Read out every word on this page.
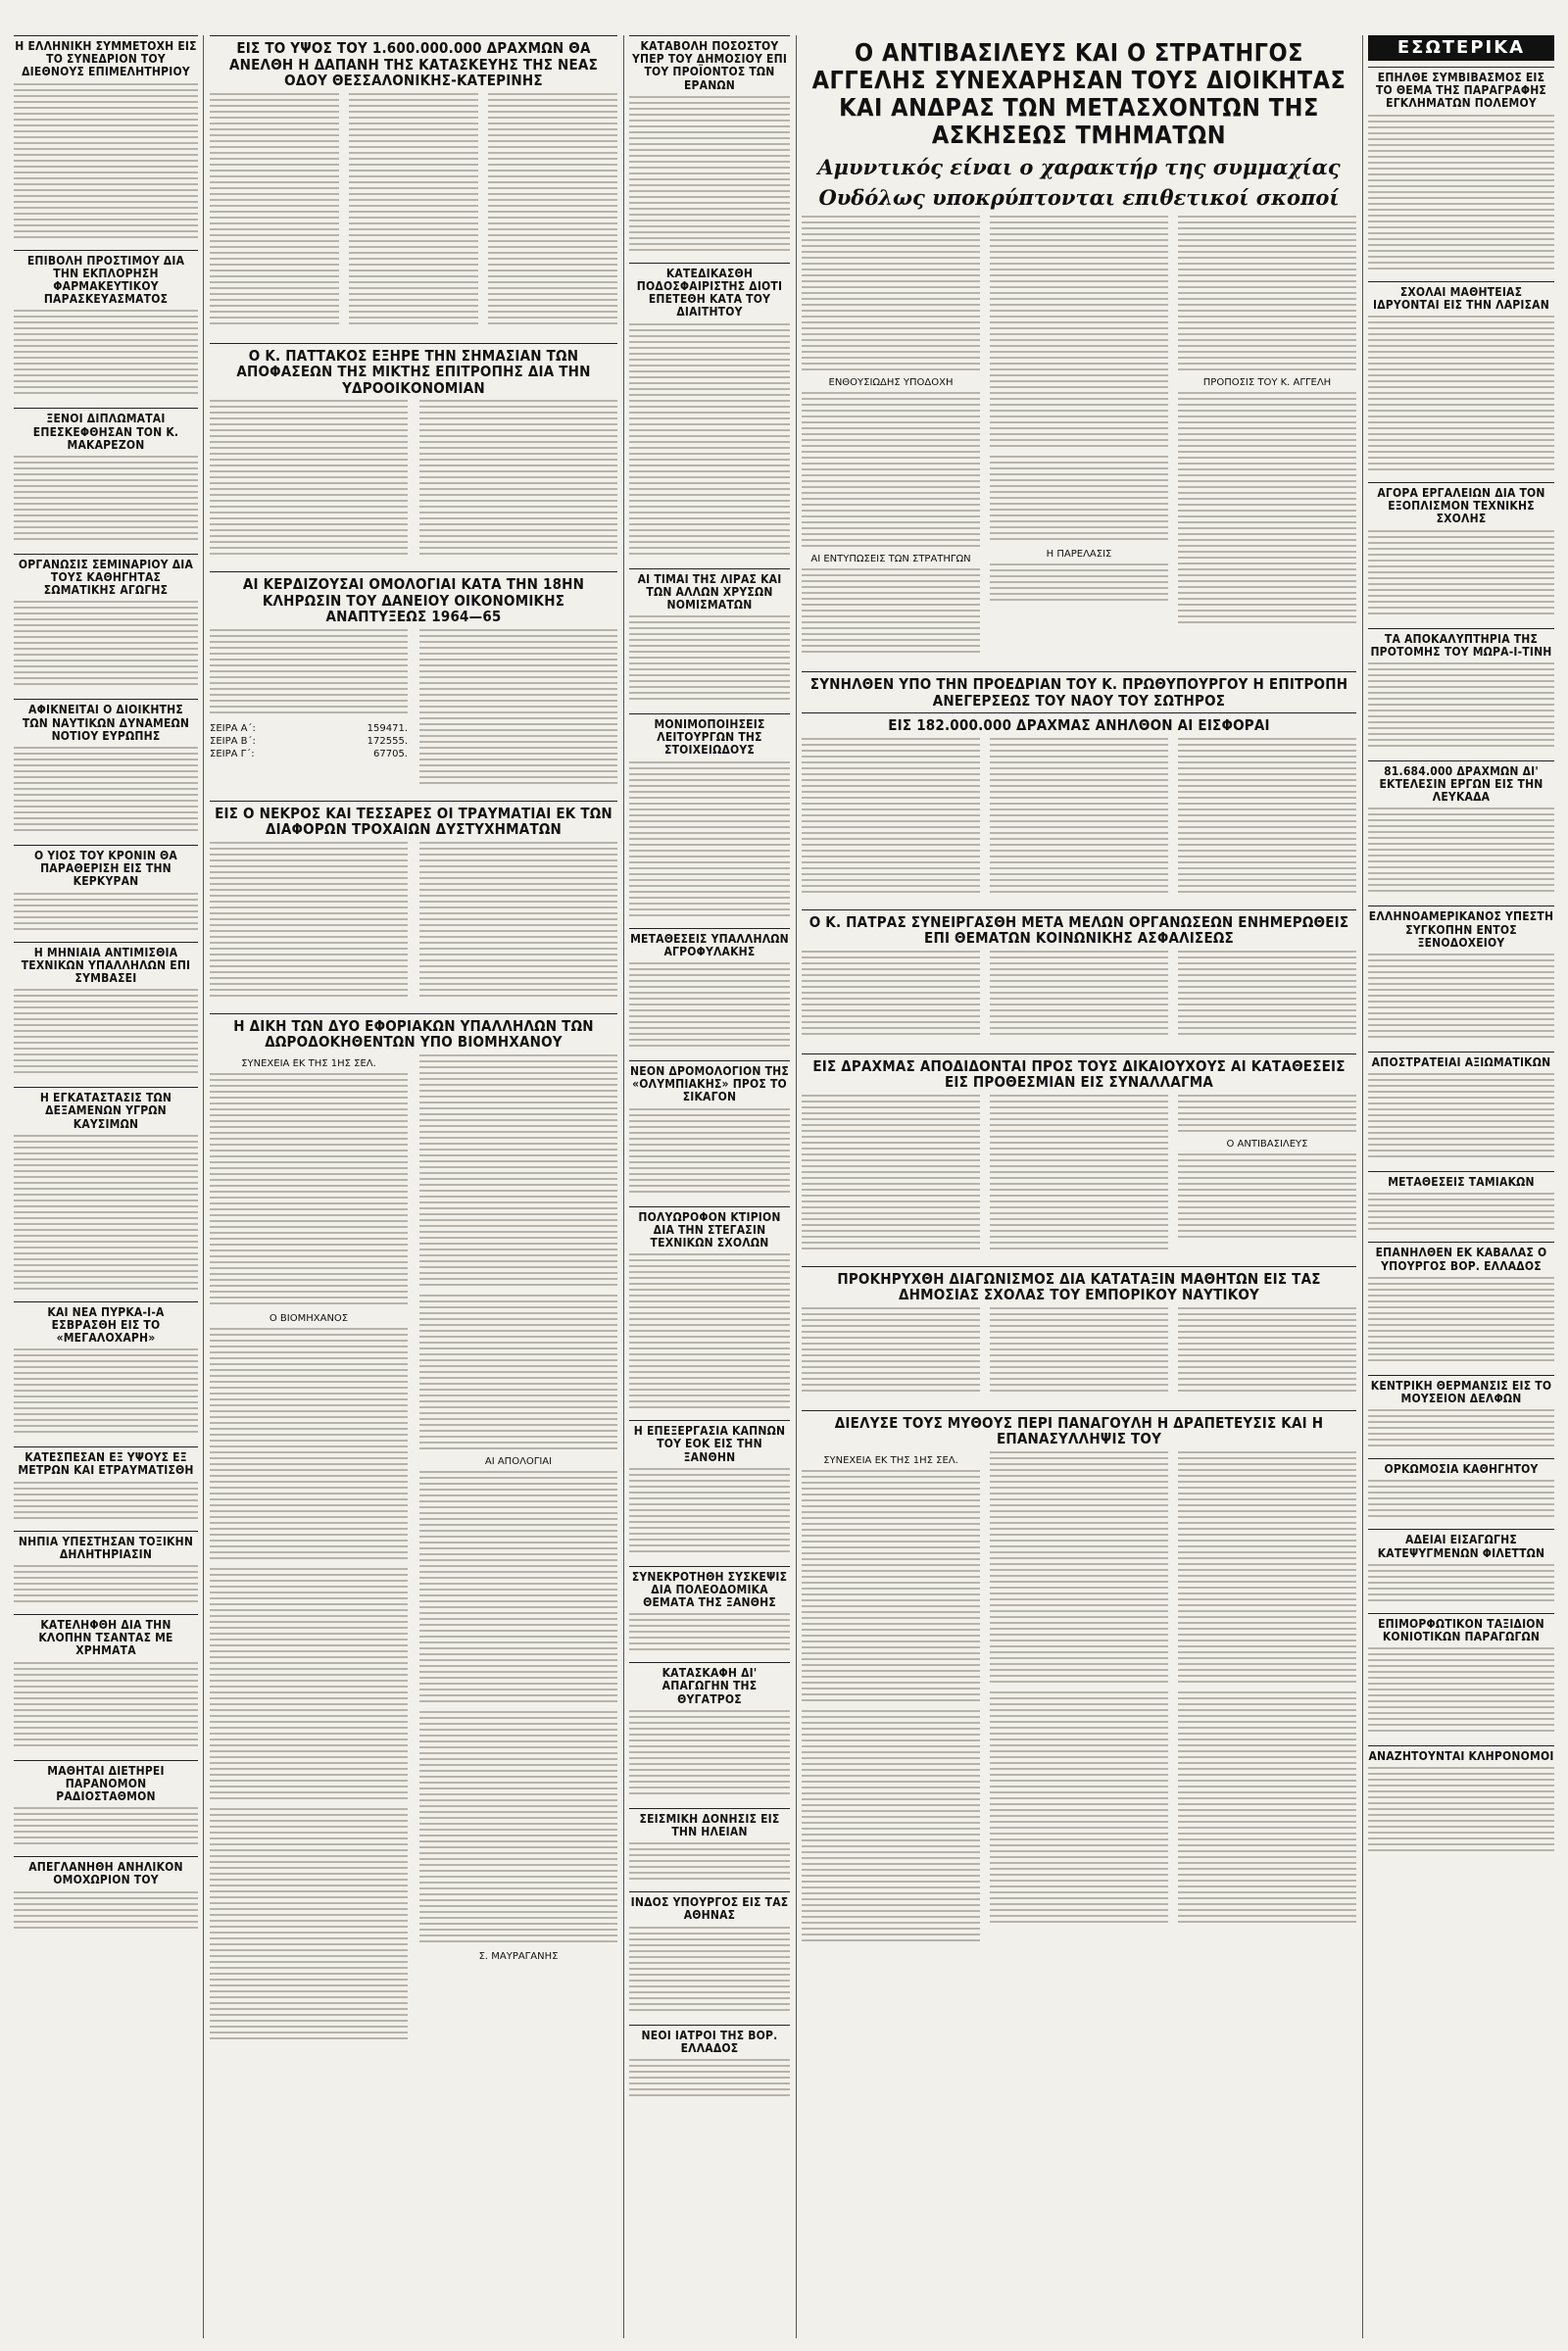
Η ΕΛΛΗΝΙΚΗ ΣΥΜΜΕΤΟΧΗ ΕΙΣ ΤΟ ΣΥΝΕΔΡΙΟΝ ΤΟΥ ΔΙΕΘΝΟΥΣ ΕΠΙΜΕΛΗΤΗΡΙΟΥ
ΕΠΙΒΟΛΗ ΠΡΟΣΤΙΜΟΥ ΔΙΑ ΤΗΝ ΕΚΠΛΟΡΗΣΗ ΦΑΡΜΑΚΕΥΤΙΚΟΥ ΠΑΡΑΣΚΕΥΑΣΜΑΤΟΣ
ΞΕΝΟΙ ΔΙΠΛΩΜΑΤΑΙ ΕΠΕΣΚΕΦΘΗΣΑΝ ΤΟΝ Κ. ΜΑΚΑΡΕΖΟΝ
ΟΡΓΑΝΩΣΙΣ ΣΕΜΙΝΑΡΙΟΥ ΔΙΑ ΤΟΥΣ ΚΑΘΗΓΗΤΑΣ ΣΩΜΑΤΙΚΗΣ ΑΓΩΓΗΣ
ΑΦΙΚΝΕΙΤΑΙ Ο ΔΙΟΙΚΗΤΗΣ ΤΩΝ ΝΑΥΤΙΚΩΝ ΔΥΝΑΜΕΩΝ ΝΟΤΙΟΥ ΕΥΡΩΠΗΣ
Ο ΥΙΟΣ ΤΟΥ ΚΡΟΝΙΝ ΘΑ ΠΑΡΑΘΕΡΙΣΗ ΕΙΣ ΤΗΝ ΚΕΡΚΥΡΑΝ
Η ΜΗΝΙΑΙΑ ΑΝΤΙΜΙΣΘΙΑ ΤΕΧΝΙΚΩΝ ΥΠΑΛΛΗΛΩΝ ΕΠΙ ΣΥΜΒΑΣΕΙ
Η ΕΓΚΑΤΑΣΤΑΣΙΣ ΤΩΝ ΔΕΞΑΜΕΝΩΝ ΥΓΡΩΝ ΚΑΥΣΙΜΩΝ
ΚΑΙ ΝΕΑ ΠΥΡΚΑ-Ι-Α ΕΣΒΡΑΣΘΗ ΕΙΣ ΤΟ «ΜΕΓΑΛΟΧΑΡΗ»
ΚΑΤΕΣΠΕΣΑΝ ΕΞ ΥΨΟΥΣ ΕΞ ΜΕΤΡΩΝ ΚΑΙ ΕΤΡΑΥΜΑΤΙΣΘΗ
ΝΗΠΙΑ ΥΠΕΣΤΗΣΑΝ ΤΟΞΙΚΗΝ ΔΗΛΗΤΗΡΙΑΣΙΝ
ΚΑΤΕΛΗΦΘΗ ΔΙΑ ΤΗΝ ΚΛΟΠΗΝ ΤΣΑΝΤΑΣ ΜΕ ΧΡΗΜΑΤΑ
ΜΑΘΗΤΑΙ ΔΙΕΤΗΡΕΙ ΠΑΡΑΝΟΜΟΝ ΡΑΔΙΟΣΤΑΘΜΟΝ
ΑΠΕΓΛΑΝΗΘΗ ΑΝΗΛΙΚΟΝ ΟΜΟΧΩΡΙΟΝ ΤΟΥ
ΕΙΣ ΤΟ ΥΨΟΣ ΤΟΥ 1.600.000.000 ΔΡΑΧΜΩΝ ΘΑ ΑΝΕΛΘΗ Η ΔΑΠΑΝΗ ΤΗΣ ΚΑΤΑΣΚΕΥΗΣ ΤΗΣ ΝΕΑΣ ΟΔΟΥ ΘΕΣΣΑΛΟΝΙΚΗΣ-ΚΑΤΕΡΙΝΗΣ
Ο Κ. ΠΑΤΤΑΚΟΣ ΕΞΗΡΕ ΤΗΝ ΣΗΜΑΣΙΑΝ ΤΩΝ ΑΠΟΦΑΣΕΩΝ ΤΗΣ ΜΙΚΤΗΣ ΕΠΙΤΡΟΠΗΣ ΔΙΑ ΤΗΝ ΥΔΡΟΟΙΚΟΝΟΜΙΑΝ
ΑΙ ΚΕΡΔΙΖΟΥΣΑΙ ΟΜΟΛΟΓΙΑΙ ΚΑΤΑ ΤΗΝ 18ΗΝ ΚΛΗΡΩΣΙΝ ΤΟΥ ΔΑΝΕΙΟΥ ΟΙΚΟΝΟΜΙΚΗΣ ΑΝΑΠΤΥΞΕΩΣ 1964—65
ΣΕΙΡΑ Α΄:	159471.
ΣΕΙΡΑ Β΄:	172555.
ΣΕΙΡΑ Γ΄:	67705.
ΕΙΣ Ο ΝΕΚΡΟΣ ΚΑΙ ΤΕΣΣΑΡΕΣ ΟΙ ΤΡΑΥΜΑΤΙΑΙ ΕΚ ΤΩΝ ΔΙΑΦΟΡΩΝ ΤΡΟΧΑΙΩΝ ΔΥΣΤΥΧΗΜΑΤΩΝ
Η ΔΙΚΗ ΤΩΝ ΔΥΟ ΕΦΟΡΙΑΚΩΝ ΥΠΑΛΛΗΛΩΝ ΤΩΝ ΔΩΡΟΔΟΚΗΘΕΝΤΩΝ ΥΠΟ ΒΙΟΜΗΧΑΝΟΥ
ΣΥΝΕΧΕΙΑ ΕΚ ΤΗΣ 1ΗΣ ΣΕΛ.
Ο ΒΙΟΜΗΧΑΝΟΣ
ΑΙ ΑΠΟΛΟΓΙΑΙ
Σ. ΜΑΥΡΑΓΑΝΗΣ
ΚΑΤΑΒΟΛΗ ΠΟΣΟΣΤΟΥ ΥΠΕΡ ΤΟΥ ΔΗΜΟΣΙΟΥ ΕΠΙ ΤΟΥ ΠΡΟΪΟΝΤΟΣ ΤΩΝ ΕΡΑΝΩΝ
ΚΑΤΕΔΙΚΑΣΘΗ ΠΟΔΟΣΦΑΙΡΙΣΤΗΣ ΔΙΟΤΙ ΕΠΕΤΕΘΗ ΚΑΤΑ ΤΟΥ ΔΙΑΙΤΗΤΟΥ
ΑΙ ΤΙΜΑΙ ΤΗΣ ΛΙΡΑΣ ΚΑΙ ΤΩΝ ΑΛΛΩΝ ΧΡΥΣΩΝ ΝΟΜΙΣΜΑΤΩΝ
ΜΟΝΙΜΟΠΟΙΗΣΕΙΣ ΛΕΙΤΟΥΡΓΩΝ ΤΗΣ ΣΤΟΙΧΕΙΩΔΟΥΣ
ΜΕΤΑΘΕΣΕΙΣ ΥΠΑΛΛΗΛΩΝ ΑΓΡΟΦΥΛΑΚΗΣ
ΝΕΟΝ ΔΡΟΜΟΛΟΓΙΟΝ ΤΗΣ «ΟΛΥΜΠΙΑΚΗΣ» ΠΡΟΣ ΤΟ ΣΙΚΑΓΟΝ
ΠΟΛΥΩΡΟΦΟΝ ΚΤΙΡΙΟΝ ΔΙΑ ΤΗΝ ΣΤΕΓΑΣΙΝ ΤΕΧΝΙΚΩΝ ΣΧΟΛΩΝ
Η ΕΠΕΞΕΡΓΑΣΙΑ ΚΑΠΝΩΝ ΤΟΥ ΕΟΚ ΕΙΣ ΤΗΝ ΞΑΝΘΗΝ
ΣΥΝΕΚΡΟΤΗΘΗ ΣΥΣΚΕΨΙΣ ΔΙΑ ΠΟΛΕΟΔΟΜΙΚΑ ΘΕΜΑΤΑ ΤΗΣ ΞΑΝΘΗΣ
ΚΑΤΑΣΚΑΦΗ ΔΙ' ΑΠΑΓΩΓΗΝ ΤΗΣ ΘΥΓΑΤΡΟΣ
ΣΕΙΣΜΙΚΗ ΔΟΝΗΣΙΣ ΕΙΣ ΤΗΝ ΗΛΕΙΑΝ
ΙΝΔΟΣ ΥΠΟΥΡΓΟΣ ΕΙΣ ΤΑΣ ΑΘΗΝΑΣ
ΝΕΟΙ ΙΑΤΡΟΙ ΤΗΣ ΒΟΡ. ΕΛΛΑΔΟΣ
Ο ΑΝΤΙΒΑΣΙΛΕΥΣ ΚΑΙ Ο ΣΤΡΑΤΗΓΟΣ ΑΓΓΕΛΗΣ ΣΥΝΕΧΑΡΗΣΑΝ ΤΟΥΣ ΔΙΟΙΚΗΤΑΣ ΚΑΙ ΑΝΔΡΑΣ ΤΩΝ ΜΕΤΑΣΧΟΝΤΩΝ ΤΗΣ ΑΣΚΗΣΕΩΣ ΤΜΗΜΑΤΩΝ
Αμυντικός είναι ο χαρακτήρ της συμμαχίας
Ουδόλως υποκρύπτονται επιθετικοί σκοποί
ΕΝΘΟΥΣΙΩΔΗΣ ΥΠΟΔΟΧΗ
ΑΙ ΕΝΤΥΠΩΣΕΙΣ ΤΩΝ ΣΤΡΑΤΗΓΩΝ	Η ΠΑΡΕΛΑΣΙΣ
ΠΡΟΠΟΣΙΣ ΤΟΥ Κ. ΑΓΓΕΛΗ
ΣΥΝΗΛΘΕΝ ΥΠΟ ΤΗΝ ΠΡΟΕΔΡΙΑΝ ΤΟΥ Κ. ΠΡΩΘΥΠΟΥΡΓΟΥ Η ΕΠΙΤΡΟΠΗ ΑΝΕΓΕΡΣΕΩΣ ΤΟΥ ΝΑΟΥ ΤΟΥ ΣΩΤΗΡΟΣ
ΕΙΣ 182.000.000 ΔΡΑΧΜΑΣ ΑΝΗΛΘΟΝ ΑΙ ΕΙΣΦΟΡΑΙ
Ο Κ. ΠΑΤΡΑΣ ΣΥΝΕΙΡΓΑΣΘΗ ΜΕΤΑ ΜΕΛΩΝ ΟΡΓΑΝΩΣΕΩΝ ΕΝΗΜΕΡΩΘΕΙΣ ΕΠΙ ΘΕΜΑΤΩΝ ΚΟΙΝΩΝΙΚΗΣ ΑΣΦΑΛΙΣΕΩΣ
ΕΙΣ ΔΡΑΧΜΑΣ ΑΠΟΔΙΔΟΝΤΑΙ ΠΡΟΣ ΤΟΥΣ ΔΙΚΑΙΟΥΧΟΥΣ ΑΙ ΚΑΤΑΘΕΣΕΙΣ ΕΙΣ ΠΡΟΘΕΣΜΙΑΝ ΕΙΣ ΣΥΝΑΛΛΑΓΜΑ
Ο ΑΝΤΙΒΑΣΙΛΕΥΣ
ΠΡΟΚΗΡΥΧΘΗ ΔΙΑΓΩΝΙΣΜΟΣ ΔΙΑ ΚΑΤΑΤΑΞΙΝ ΜΑΘΗΤΩΝ ΕΙΣ ΤΑΣ ΔΗΜΟΣΙΑΣ ΣΧΟΛΑΣ ΤΟΥ ΕΜΠΟΡΙΚΟΥ ΝΑΥΤΙΚΟΥ
ΔΙΕΛΥΣΕ ΤΟΥΣ ΜΥΘΟΥΣ ΠΕΡΙ ΠΑΝΑΓΟΥΛΗ Η ΔΡΑΠΕΤΕΥΣΙΣ ΚΑΙ Η ΕΠΑΝΑΣΥΛΛΗΨΙΣ ΤΟΥ
ΣΥΝΕΧΕΙΑ ΕΚ ΤΗΣ 1ΗΣ ΣΕΛ.
ΕΣΩΤΕΡΙΚΑ
ΕΠΗΛΘΕ ΣΥΜΒΙΒΑΣΜΟΣ ΕΙΣ ΤΟ ΘΕΜΑ ΤΗΣ ΠΑΡΑΓΡΑΦΗΣ ΕΓΚΛΗΜΑΤΩΝ ΠΟΛΕΜΟΥ
ΣΧΟΛΑΙ ΜΑΘΗΤΕΙΑΣ ΙΔΡΥΟΝΤΑΙ ΕΙΣ ΤΗΝ ΛΑΡΙΣΑΝ
ΑΓΟΡΑ ΕΡΓΑΛΕΙΩΝ ΔΙΑ ΤΟΝ ΕΞΟΠΛΙΣΜΟΝ ΤΕΧΝΙΚΗΣ ΣΧΟΛΗΣ
ΤΑ ΑΠΟΚΑΛΥΠΤΗΡΙΑ ΤΗΣ ΠΡΟΤΟΜΗΣ ΤΟΥ ΜΩΡΑ-Ι-ΤΙΝΗ
81.684.000 ΔΡΑΧΜΩΝ ΔΙ' ΕΚΤΕΛΕΣΙΝ ΕΡΓΩΝ ΕΙΣ ΤΗΝ ΛΕΥΚΑΔΑ
ΕΛΛΗΝΟΑΜΕΡΙΚΑΝΟΣ ΥΠΕΣΤΗ ΣΥΓΚΟΠΗΝ ΕΝΤΟΣ ΞΕΝΟΔΟΧΕΙΟΥ
ΑΠΟΣΤΡΑΤΕΙΑΙ ΑΞΙΩΜΑΤΙΚΩΝ
ΜΕΤΑΘΕΣΕΙΣ ΤΑΜΙΑΚΩΝ
ΕΠΑΝΗΛΘΕΝ ΕΚ ΚΑΒΑΛΑΣ Ο ΥΠΟΥΡΓΟΣ ΒΟΡ. ΕΛΛΑΔΟΣ
ΚΕΝΤΡΙΚΗ ΘΕΡΜΑΝΣΙΣ ΕΙΣ ΤΟ ΜΟΥΣΕΙΟΝ ΔΕΛΦΩΝ
ΟΡΚΩΜΟΣΙΑ ΚΑΘΗΓΗΤΟΥ
ΑΔΕΙΑΙ ΕΙΣΑΓΩΓΗΣ ΚΑΤΕΨΥΓΜΕΝΩΝ ΦΙΛΕΤΤΩΝ
ΕΠΙΜΟΡΦΩΤΙΚΟΝ ΤΑΞΙΔΙΟΝ ΚΟΝΙΟΤΙΚΩΝ ΠΑΡΑΓΩΓΩΝ
ΑΝΑΖΗΤΟΥΝΤΑΙ ΚΛΗΡΟΝΟΜΟΙ
